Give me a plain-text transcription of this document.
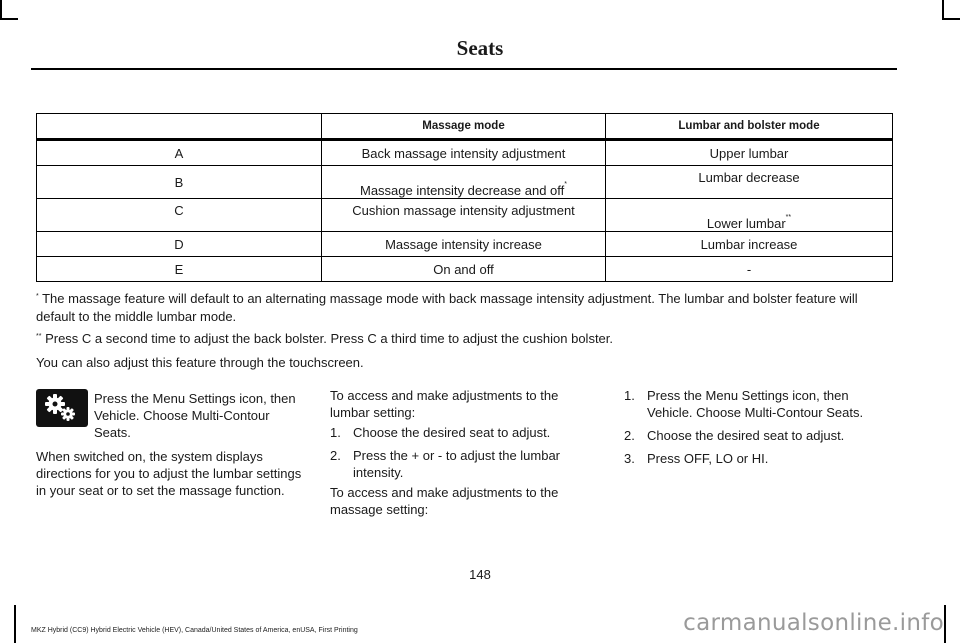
Seats
	Massage mode	Lumbar and bolster mode
A	Back massage intensity adjustment	Upper lumbar
B	Massage intensity decrease and off*	Lumbar decrease
C	Cushion massage intensity adjustment	Lower lumbar**
D	Massage intensity increase	Lumbar increase
E	On and off	-
* The massage feature will default to an alternating massage mode with back massage intensity adjustment. The lumbar and bolster feature will default to the middle lumbar mode.
** Press C a second time to adjust the back bolster. Press C a third time to adjust the cushion bolster.
You can also adjust this feature through the touchscreen.
Press the Menu Settings icon, then Vehicle. Choose Multi-Contour Seats.
When switched on, the system displays directions for you to adjust the lumbar settings in your seat or to set the massage function.
To access and make adjustments to the lumbar setting:
1. Choose the desired seat to adjust.
2. Press the + or - to adjust the lumbar intensity.
To access and make adjustments to the massage setting:
1. Press the Menu Settings icon, then Vehicle. Choose Multi-Contour Seats.
2. Choose the desired seat to adjust.
3. Press OFF, LO or HI.
148
MKZ Hybrid (CC9) Hybrid Electric Vehicle (HEV), Canada/United States of America, enUSA, First Printing	carmanualsonline.info
